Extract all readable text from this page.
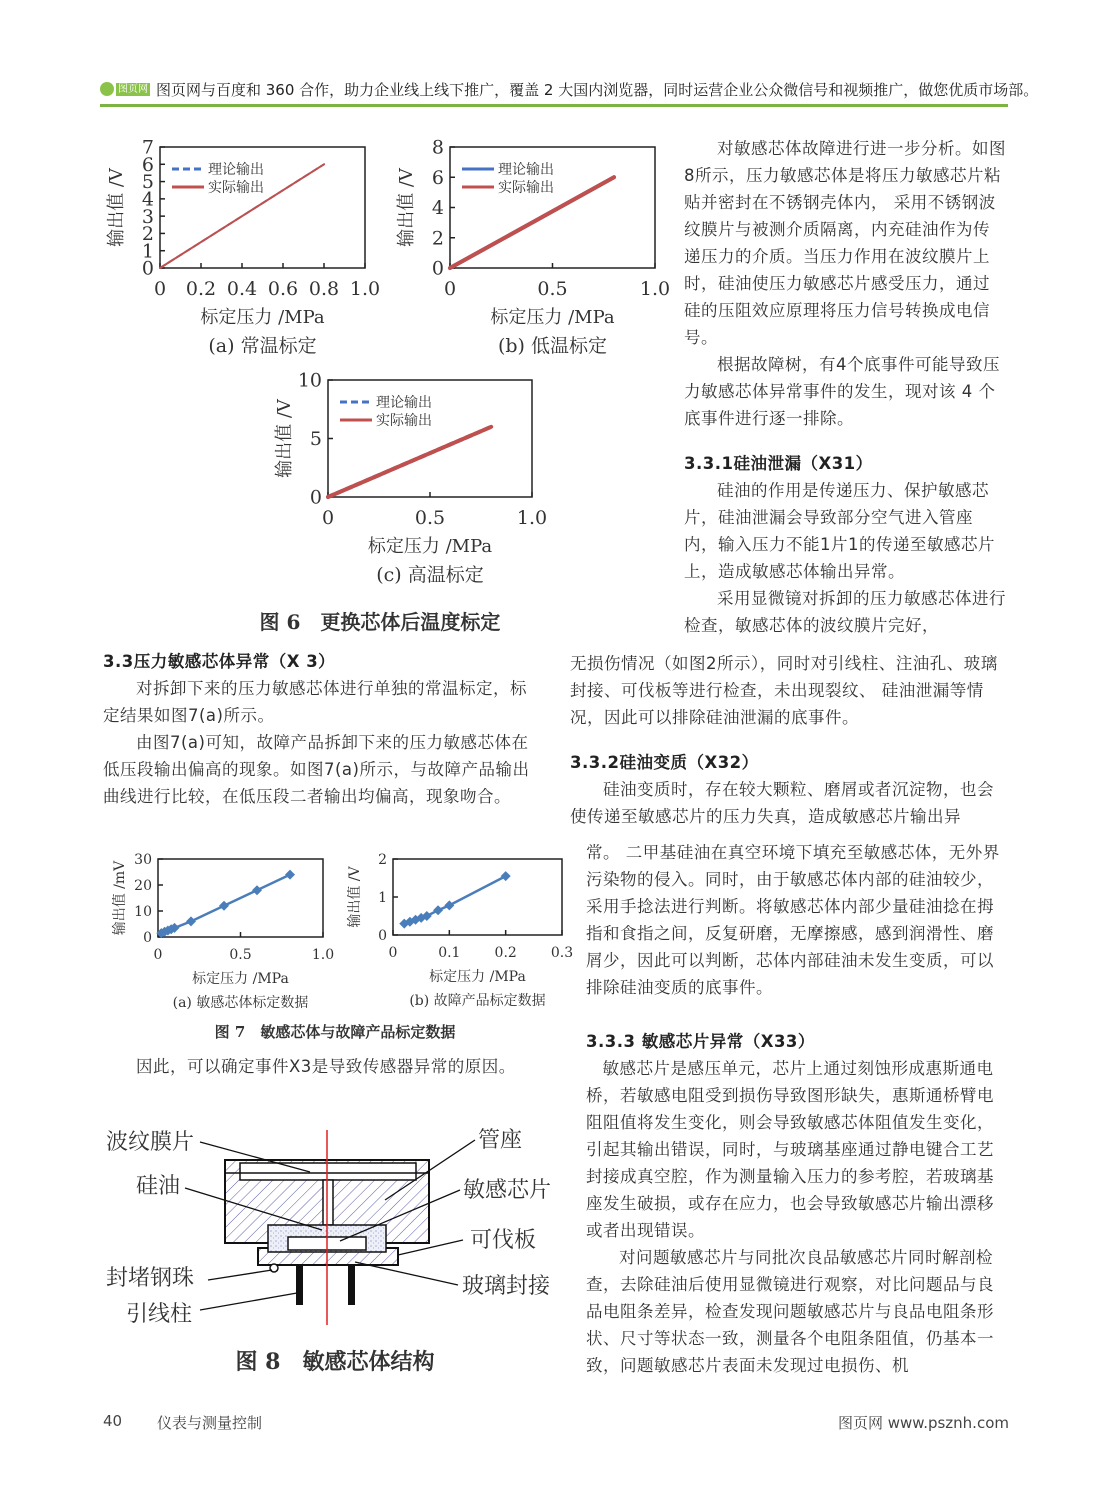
图页网 图页网与百度和 360 合作，助力企业线上线下推广，覆盖 2 大国内浏览器，同时运营企业公众微信号和视频推广，做您优质市场部。
0 0.2 0.4 0.6 0.8 1.0
0
1
2
3
4
5
6
7
标定压力 /MPa
输出值 /V
(a) 常温标定
理论输出
实际输出
0	0.5	1.0
0
2
4
6
8
标定压力 /MPa
输出值 /V
(b) 低温标定
理论输出
实际输出
0	0.5	1.0
0
5
10
标定压力 /MPa
输出值 /V
(c) 高温标定
理论输出
实际输出
图 6　更换芯体后温度标定

3.3压力敏感芯体异常（X 3）

对拆卸下来的压力敏感芯体进行单独的常温标定，标定结果如图7(a)所示。

由图7(a)可知，故障产品拆卸下来的压力敏感芯体在低压段输出偏高的现象。如图7(a)所示，与故障产品输出曲线进行比较，在低压段二者输出均偏高，现象吻合。

0	0.5	1.0
0
10
20
30
标定压力 /MPa
输出值 /mV
(a) 敏感芯体标定数据
0	0.1 0.2 0.3
0
1
2
标定压力 /MPa
输出值 /V
(b) 故障产品标定数据
图 7　敏感芯体与故障产品标定数据

因此，可以确定事件X3是导致传感器异常的原因。

波纹膜片
硅油
封堵钢珠
引线柱
管座
敏感芯片
可伐板
玻璃封接
图 8　敏感芯体结构

对敏感芯体故障进行进一步分析。如图8所示，压力敏感芯体是将压力敏感芯片粘贴并密封在不锈钢壳体内， 采用不锈钢波纹膜片与被测介质隔离，内充硅油作为传递压力的介质。当压力作用在波纹膜片上时，硅油使压力敏感芯片感受压力，通过硅的压阻效应原理将压力信号转换成电信号。

根据故障树，有4个底事件可能导致压力敏感芯体异常事件的发生，现对该 4 个底事件进行逐一排除。

3.3.1硅油泄漏（X31）

硅油的作用是传递压力、保护敏感芯片，硅油泄漏会导致部分空气进入管座内，输入压力不能1片1的传递至敏感芯片上，造成敏感芯体输出异常。

采用显微镜对拆卸的压力敏感芯体进行检查，敏感芯体的波纹膜片完好，

无损伤情况（如图2所示），同时对引线柱、注油孔、玻璃封接、可伐板等进行检查，未出现裂纹、 硅油泄漏等情况，因此可以排除硅油泄漏的底事件。

3.3.2硅油变质（X32）

硅油变质时，存在较大颗粒、磨屑或者沉淀物，也会使传递至敏感芯片的压力失真，造成敏感芯片输出异

常。 二甲基硅油在真空环境下填充至敏感芯体，无外界污染物的侵入。同时，由于敏感芯体内部的硅油较少，采用手捻法进行判断。将敏感芯体内部少量硅油捻在拇指和食指之间，反复研磨，无摩擦感，感到润滑性、磨屑少，因此可以判断，芯体内部硅油未发生变质，可以排除硅油变质的底事件。

3.3.3 敏感芯片异常（X33）

敏感芯片是感压单元，芯片上通过刻蚀形成惠斯通电桥，若敏感电阻受到损伤导致图形缺失，惠斯通桥臂电阻阻值将发生变化，则会导致敏感芯体阻值发生变化，引起其输出错误，同时，与玻璃基座通过静电键合工艺封接成真空腔，作为测量输入压力的参考腔，若玻璃基座发生破损，或存在应力，也会导致敏感芯片输出漂移或者出现错误。

对问题敏感芯片与同批次良品敏感芯片同时解剖检查，去除硅油后使用显微镜进行观察，对比问题品与良品电阻条差异，检查发现问题敏感芯片与良品电阻条形状、尺寸等状态一致，测量各个电阻条阻值，仍基本一致，问题敏感芯片表面未发现过电损伤、机

40 仪表与测量控制	图页网 www.psznh.com
